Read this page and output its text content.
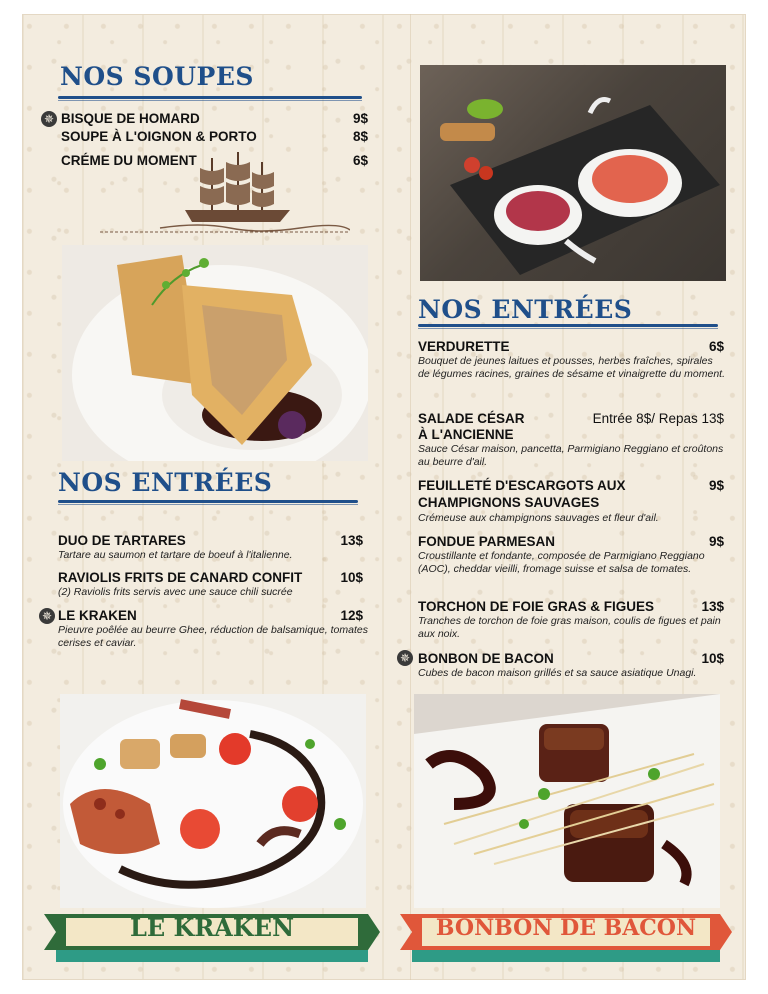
NOS SOUPES
✵ BISQUE DE HOMARD	9$
SOUPE À L'OIGNON & PORTO	8$
CRÉME DU MOMENT	6$
NOS ENTRÉES
DUO DE TARTARES	13$
Tartare au saumon et tartare de boeuf à l'italienne.
RAVIOLIS FRITS DE CANARD CONFIT	10$
(2) Raviolis frits servis avec une sauce chili sucrée
✵ LE KRAKEN	12$
Pieuvre poêlée au beurre Ghee, réduction de balsamique, tomates cerises et caviar.
NOS ENTRÉES
VERDURETTE	6$
Bouquet de jeunes laitues et pousses, herbes fraîches, spirales de légumes racines, graines de sésame et vinaigrette du moment.
SALADE CÉSAR
À L'ANCIENNE
Entrée 8$/ Repas 13$
Sauce César maison, pancetta, Parmigiano Reggiano et croûtons au beurre d'ail.
FEUILLETÉ D'ESCARGOTS AUX
CHAMPIGNONS SAUVAGES
9$
Crémeuse aux champignons sauvages et fleur d'ail.
FONDUE PARMESAN	9$
Croustillante et fondante, composée de Parmigiano Reggiano (AOC), cheddar vieilli, fromage suisse et salsa de tomates.
TORCHON DE FOIE GRAS & FIGUES	13$
Tranches de torchon de foie gras maison, coulis de figues et pain aux noix.
✵ BONBON DE BACON	10$
Cubes de bacon maison grillés et sa sauce asiatique Unagi.
LE KRAKEN	BONBON DE BACON
